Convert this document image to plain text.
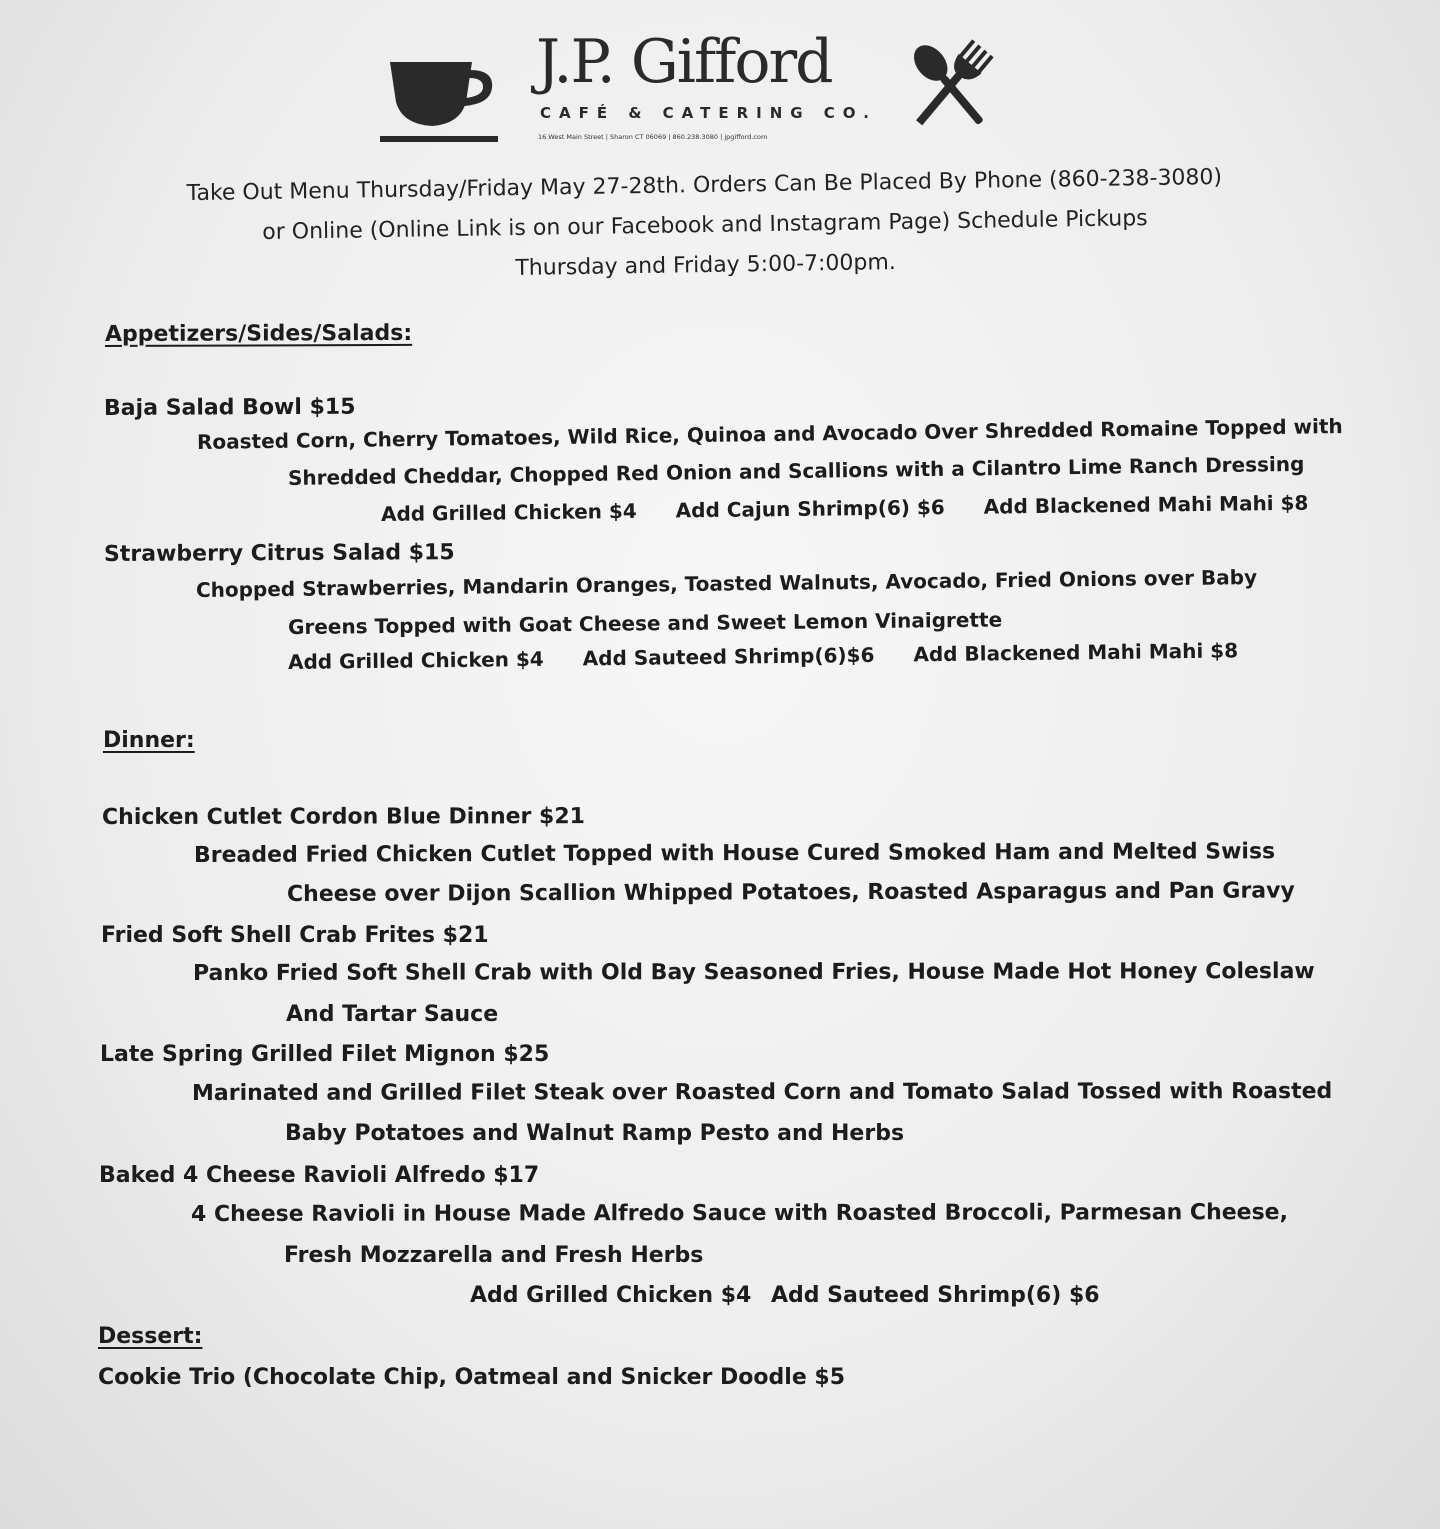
J.P. Gifford
CAFÉ & CATERING CO.
16 West Main Street | Sharon CT 06069 | 860.238.3080 | jpgifford.com
Take Out Menu Thursday/Friday May 27-28th. Orders Can Be Placed By Phone (860-238-3080)
or Online (Online Link is on our Facebook and Instagram Page) Schedule Pickups
Thursday and Friday 5:00-7:00pm.
Appetizers/Sides/Salads:
Baja Salad Bowl $15
Roasted Corn, Cherry Tomatoes, Wild Rice, Quinoa and Avocado Over Shredded Romaine Topped with
Shredded Cheddar, Chopped Red Onion and Scallions with a Cilantro Lime Ranch Dressing
Add Grilled Chicken $4 Add Cajun Shrimp(6) $6 Add Blackened Mahi Mahi $8
Strawberry Citrus Salad $15
Chopped Strawberries, Mandarin Oranges, Toasted Walnuts, Avocado, Fried Onions over Baby
Greens Topped with Goat Cheese and Sweet Lemon Vinaigrette
Add Grilled Chicken $4 Add Sauteed Shrimp(6)$6 Add Blackened Mahi Mahi $8
Dinner:
Chicken Cutlet Cordon Blue Dinner $21
Breaded Fried Chicken Cutlet Topped with House Cured Smoked Ham and Melted Swiss
Cheese over Dijon Scallion Whipped Potatoes, Roasted Asparagus and Pan Gravy
Fried Soft Shell Crab Frites $21
Panko Fried Soft Shell Crab with Old Bay Seasoned Fries, House Made Hot Honey Coleslaw
And Tartar Sauce
Late Spring Grilled Filet Mignon $25
Marinated and Grilled Filet Steak over Roasted Corn and Tomato Salad Tossed with Roasted
Baby Potatoes and Walnut Ramp Pesto and Herbs
Baked 4 Cheese Ravioli Alfredo $17
4 Cheese Ravioli in House Made Alfredo Sauce with Roasted Broccoli, Parmesan Cheese,
Fresh Mozzarella and Fresh Herbs
Add Grilled Chicken $4 Add Sauteed Shrimp(6) $6
Dessert:
Cookie Trio (Chocolate Chip, Oatmeal and Snicker Doodle $5
